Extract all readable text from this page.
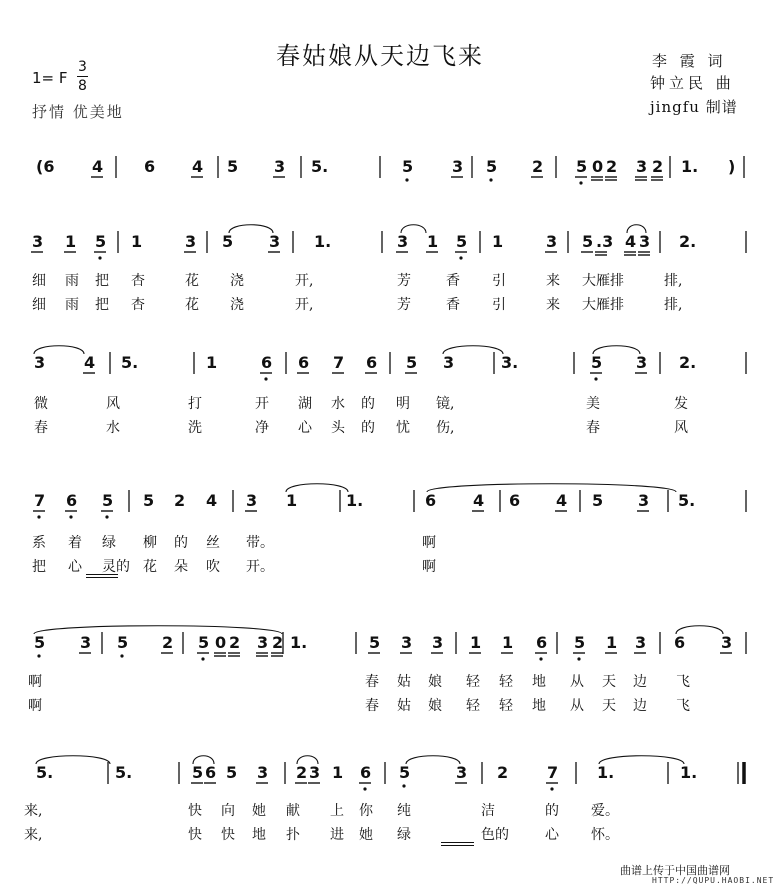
春姑娘从天边飞来
1= F
3
8
抒情 优美地
李 霞 词
钟立民 曲
jingfu 制谱
(6 4	6 4 5 3 5.	5 3 5 2 5 0 2 3 2 1. )
3 1 5 1	3 5 3 1.	3 1 5 1	3 5 .3 4 3 2.
3 4 5.	1	6 6 7 6 5 3	3.	5 3 2.
7 6 5 5 2 4 3 1	1.	6 4 6 4 5 3 5.
5 3 5 2 5 0 2 3 2 1.	5 3 3 1 1 6 5 1 3 6 3
5.	5.	5 6 5 3 2 3 1 6 5	3 2 7 1.	1.
细 雨 把 杏	花 浇	开,	芳	香 引	来 大雁排	排,
细 雨 把 杏	花 浇	开,	芳	香 引	来 大雁排	排,
微	风	打	开 湖 水 的 明 镜,	美	发
春	水	洗	净 心 头 的 忧 伤,	春	风
系 着 绿 柳 的 丝 带。	啊
把 心 灵的 花 朵 吹 开。	啊
啊	春 姑 娘 轻 轻 地 从 天 边 飞
啊	春 姑 娘 轻 轻 地 从 天 边 飞
来,	快 向 她 献 上 你 纯	洁	的 爱。
来,	快 快 地 扑 进 她 绿	色的	心 怀。
曲谱上传于中国曲谱网
HTTP://QUPU.HAOBI.NET
